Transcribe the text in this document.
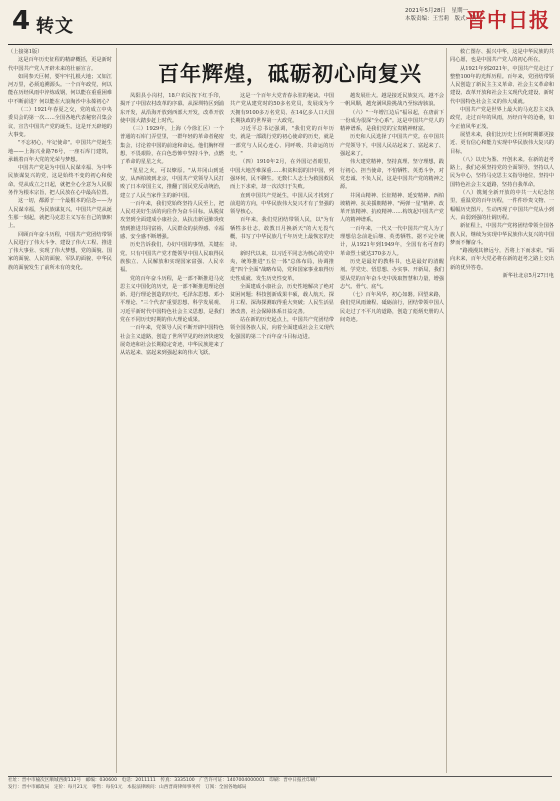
4 转文
2021年5月28日　星期一
本版责编：王雪莉　版式：何
晋中日报
百年辉煌，砥砺初心向复兴

（上接第1版）

这是百年历史征程的精辟概括，更是新时代中国共产党人开辟未来的壮丽宣言。

如同参天巨树，要牢牢扎根大地；又如江河万里，必须追溯源头。一个百年政党，何以能在历经风雨中淬炼成钢，何以能在重重困难中不断前进？何以能在大浪淘沙中永葆初心？

（二）1921年春夏之交，党的成立中央委员会的第一次……全国各地代表秘密召集会议，宣告中国共产党的诞生。这是开天辟地的大事变。

"不忘初心，牢记使命"。中国共产党诞生地——上海兴业路76号，一座石库门建筑，承载着百年大党的光荣与梦想。

中国共产党是为中国人民谋幸福、为中华民族谋复兴的党，这是始终不变的初心和使命。党从成立之日起，就把全心全意为人民服务作为根本宗旨，把人民放在心中最高位置。

这一切，都源于一个最根本的信念——为人民谋幸福，为民族谋复兴。中国共产党从诞生那一刻起，就把马克思主义写在自己的旗帜上。

回顾百年奋斗历程，中国共产党团结带领人民进行了伟大斗争、建设了伟大工程、推进了伟大事业、实现了伟大梦想，党的面貌、国家的面貌、人民的面貌、军队的面貌、中华民族的面貌发生了前所未有的变化。

凤阳县小岗村，18户农民按下红手印，揭开了中国农村改革的序幕。从深圳特区到浦东开发，从沿海开放到西部大开发，改革开放使中国大踏步赶上时代。

（三）1929年，上海（今徐汇区）一个普通的石库门弄堂里，一群年轻的革命者秘密集会，讨论着中国的前途和命运。他们胸怀理想，不畏艰险，在白色恐怖中坚持斗争，点燃了革命的星星之火。

"星星之火，可以燎原。"从井冈山到延安，从西柏坡到北京，中国共产党领导人民打败了日本帝国主义，推翻了国民党反动统治，建立了人民当家作主的新中国。

一百年来，我们党始终坚持人民至上，把人民对美好生活的向往作为奋斗目标。从脱贫攻坚到全面建成小康社会，从抗击新冠肺炎疫情到推进共同富裕，人民群众的获得感、幸福感、安全感不断增强。

历史告诉我们，办好中国的事情，关键在党。只有中国共产党才能领导中国人民取得民族独立、人民解放和实现国家富强、人民幸福。

党的百年奋斗历程，是一部不断推进马克思主义中国化的历史，是一部不断推进理论创新、进行理论创造的历史。毛泽东思想、邓小平理论、"三个代表"重要思想、科学发展观、习近平新时代中国特色社会主义思想，是我们党在不同历史时期的伟大理论成果。

一百年来，党领导人民不断开辟中国特色社会主义道路，创造了世所罕见的经济快速发展奇迹和社会长期稳定奇迹，中华民族迎来了从站起来、富起来到强起来的伟大飞跃。

这是一个百年大党青春永驻的秘诀。中国共产党从建党时的50多名党员，发展成为今天拥有9100多万名党员、在14亿多人口大国长期执政的世界第一大政党。

习近平总书记强调，"我们党的百年历史，就是一部践行党的初心使命的历史，就是一部党与人民心连心、同呼吸、共命运的历史。"

（四）1910年2月，在外国记者眼里，中国大地苦难深重……积贫积弱的旧中国，列强环伺，民不聊生。无数仁人志士为救国救民而上下求索，却一次次归于失败。

直到中国共产党诞生，中国人民才找到了前进的方向，中华民族伟大复兴才有了坚强的领导核心。

百年来，我们党团结带领人民，以"为有牺牲多壮志，敢教日月换新天"的大无畏气概，书写了中华民族几千年历史上最恢宏的史诗。

新时代以来，以习近平同志为核心的党中央，统筹推进"五位一体"总体布局，协调推进"四个全面"战略布局，党和国家事业取得历史性成就、发生历史性变革。

全面建成小康社会，历史性地解决了绝对贫困问题；科技创新成果丰硕，载人航天、探月工程、深海探测取得重大突破；人民生活显著改善，社会保障体系日益完善。

站在新的历史起点上，中国共产党团结带领全国各族人民，向着全面建成社会主义现代化强国的第二个百年奋斗目标迈进。

越发展壮大。越是接近民族复兴，越不会一帆风顺，越充满风险挑战乃至惊涛骇浪。

（六）"一年增江边后"福吊起，在唐前下一份成为很深"全心系"。这是中国共产党人的精神谱系，是我们党的宝贵精神财富。

历史和人民选择了中国共产党。在中国共产党领导下，中国人民站起来了、富起来了、强起来了。

伟大建党精神，坚持真理、坚守理想，践行初心、担当使命，不怕牺牲、英勇斗争，对党忠诚、不负人民，这是中国共产党的精神之源。

井冈山精神、长征精神、延安精神、西柏坡精神、抗美援朝精神、"两弹一星"精神、改革开放精神、抗疫精神……构筑起中国共产党人的精神谱系。

一百年来，一代又一代中国共产党人为了理想信念前赴后继、英勇牺牲。据不完全统计，从1921年到1949年，全国有名可查的革命烈士就达370多万人。

历史是最好的教科书，也是最好的清醒剂。学党史、悟思想、办实事、开新局，我们要从党的百年奋斗史中汲取智慧和力量，增强志气、骨气、底气。

（七）百年风华，初心如磐。回望来路，我们党风雨兼程、砥砺前行，团结带领中国人民走过了不平凡的道路，创造了彪炳史册的人间奇迹。

救亡图存、振兴中华，这是中华民族的共同心愿，也是中国共产党人的初心所在。

从1921年到2021年，中国共产党走过了整整100年的光辉历程。百年来，党团结带领人民创造了新民主主义革命、社会主义革命和建设、改革开放和社会主义现代化建设、新时代中国特色社会主义的伟大成就。

中国共产党是世界上最大的马克思主义执政党，走过百年的风雨，历经百年的沧桑，如今正值风华正茂。

展望未来，我们比历史上任何时期都更接近、更有信心和能力实现中华民族伟大复兴的目标。

（八）以史为鉴、开创未来。在新的赶考路上，我们必须坚持党的全面领导，坚持以人民为中心，坚持马克思主义指导地位，坚持中国特色社会主义道路，坚持自我革命。

（八）镌刻全新开放的中共一大纪念馆里，重温党的百年历程，一件件珍贵文物、一幅幅历史图片，生动再现了中国共产党从小到大、由弱到强的壮阔历程。

新征程上，中国共产党将团结带领全国各族人民，继续为实现中华民族伟大复兴的中国梦而不懈奋斗。

"路漫漫其修远兮，吾将上下而求索。"面向未来，百年大党必将在新的赶考之路上交出新的优异答卷。

新华社北京5月27日电

社址：晋中市榆次区顺城西街112号　邮编：030600　电话：2011111　传真：3335100　广告许可证：1407004000001　印刷：晋中日报社印刷厂
发行：晋中市邮政局　定价：每月21元　零售：每份1元　本报法律顾问：山西晋商律师事务所　订阅：全国各地邮局
